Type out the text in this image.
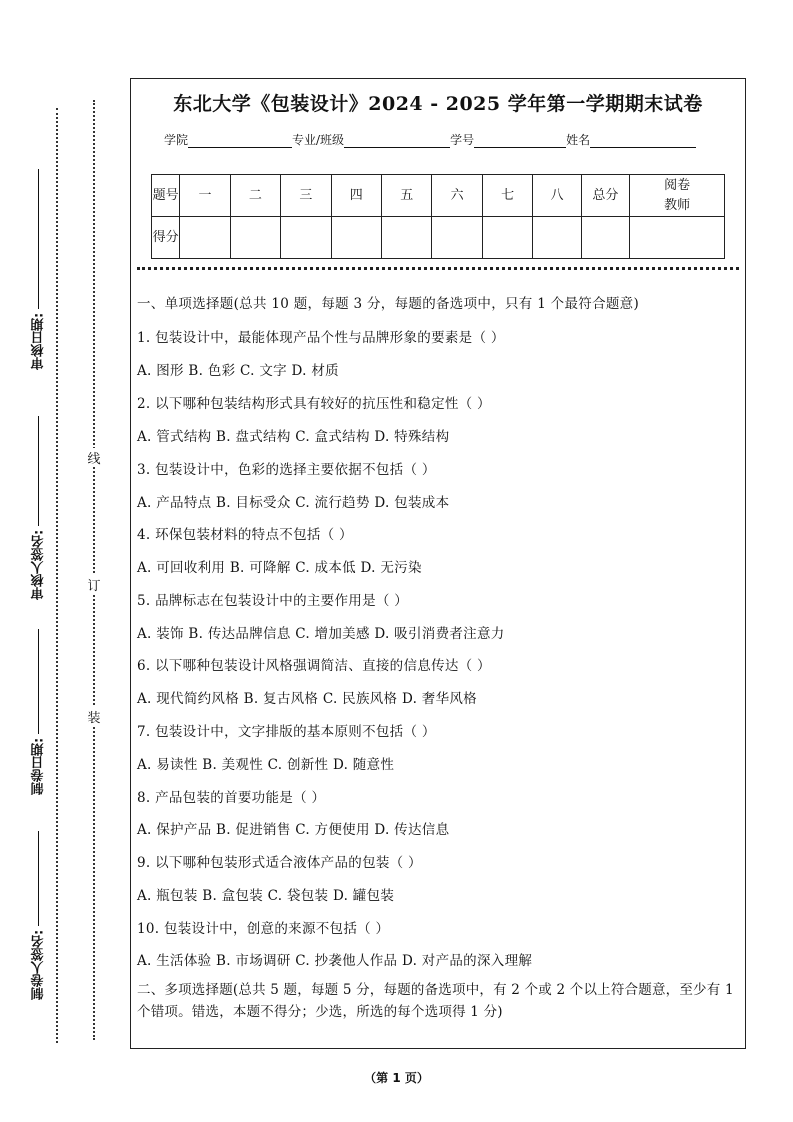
审核日期:
审核人签名:
制卷日期:
制卷人签名:
线
订
装
东北大学《包装设计》2024 - 2025 学年第一学期期末试卷
学院	专业/班级	学号	姓名
题号	一	二	三	四	五	六	七	八	总分	阅卷教师
得分										
一、单项选择题(总共 10 题，每题 3 分，每题的备选项中，只有 1 个最符合题意)
1. 包装设计中，最能体现产品个性与品牌形象的要素是（ ）
A. 图形 B. 色彩 C. 文字 D. 材质
2. 以下哪种包装结构形式具有较好的抗压性和稳定性（ ）
A. 管式结构 B. 盘式结构 C. 盒式结构 D. 特殊结构
3. 包装设计中，色彩的选择主要依据不包括（ ）
A. 产品特点 B. 目标受众 C. 流行趋势 D. 包装成本
4. 环保包装材料的特点不包括（ ）
A. 可回收利用 B. 可降解 C. 成本低 D. 无污染
5. 品牌标志在包装设计中的主要作用是（ ）
A. 装饰 B. 传达品牌信息 C. 增加美感 D. 吸引消费者注意力
6. 以下哪种包装设计风格强调简洁、直接的信息传达（ ）
A. 现代简约风格 B. 复古风格 C. 民族风格 D. 奢华风格
7. 包装设计中，文字排版的基本原则不包括（ ）
A. 易读性 B. 美观性 C. 创新性 D. 随意性
8. 产品包装的首要功能是（ ）
A. 保护产品 B. 促进销售 C. 方便使用 D. 传达信息
9. 以下哪种包装形式适合液体产品的包装（ ）
A. 瓶包装 B. 盒包装 C. 袋包装 D. 罐包装
10. 包装设计中，创意的来源不包括（ ）
A. 生活体验 B. 市场调研 C. 抄袭他人作品 D. 对产品的深入理解
二、多项选择题(总共 5 题，每题 5 分，每题的备选项中，有 2 个或 2 个以上符合题意，至少有 1 个错项。错选，本题不得分；少选，所选的每个选项得 1 分)
（第 1 页）
